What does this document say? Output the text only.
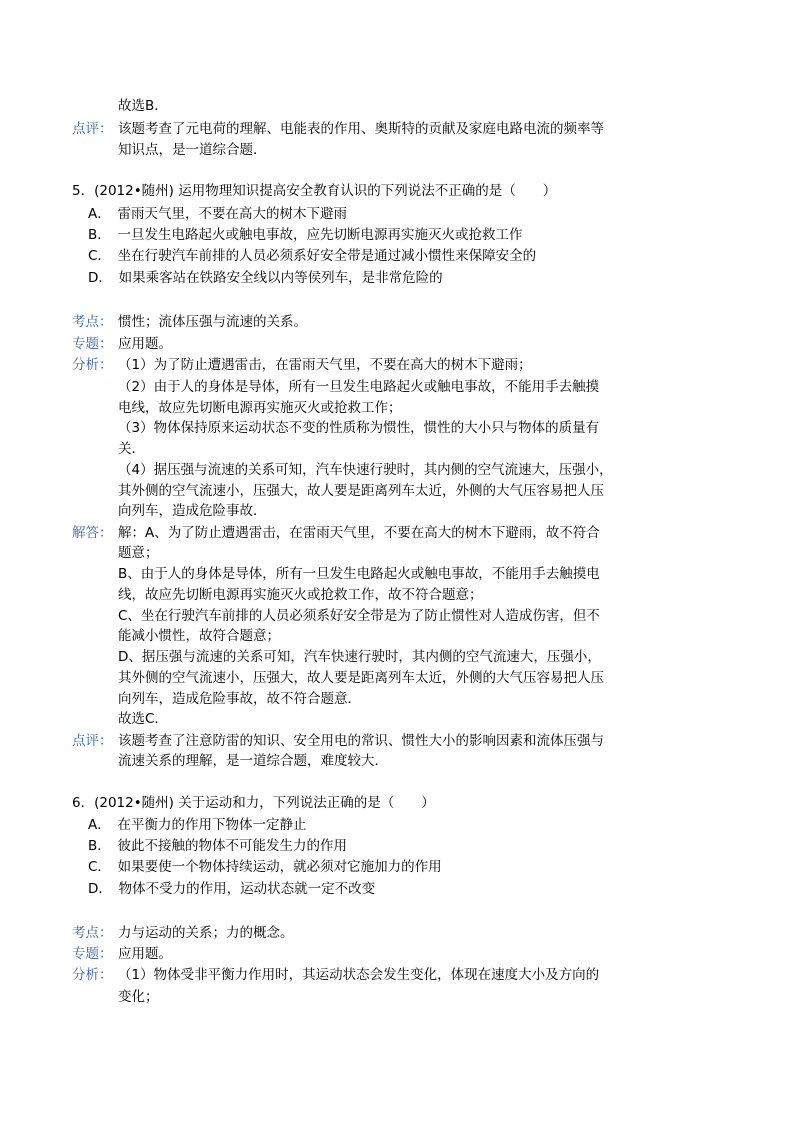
故选B．
点评： 该题考查了元电荷的理解、电能表的作用、奥斯特的贡献及家庭电路电流的频率等
知识点，是一道综合题．
5．(2012•随州) 运用物理知识提高安全教育认识的下列说法不正确的是（　　）
A．　雷雨天气里，不要在高大的树木下避雨
B．　一旦发生电路起火或触电事故，应先切断电源再实施灭火或抢救工作
C．　坐在行驶汽车前排的人员必须系好安全带是通过减小惯性来保障安全的
D．　如果乘客站在铁路安全线以内等侯列车，是非常危险的
考点： 惯性；流体压强与流速的关系。
专题： 应用题。
分析： （1）为了防止遭遇雷击，在雷雨天气里，不要在高大的树木下避雨；
（2）由于人的身体是导体，所有一旦发生电路起火或触电事故，不能用手去触摸
电线，故应先切断电源再实施灭火或抢救工作；
（3）物体保持原来运动状态不变的性质称为惯性，惯性的大小只与物体的质量有
关．
（4）据压强与流速的关系可知，汽车快速行驶时，其内侧的空气流速大，压强小，
其外侧的空气流速小，压强大，故人要是距离列车太近，外侧的大气压容易把人压
向列车，造成危险事故．
解答： 解：A、为了防止遭遇雷击，在雷雨天气里，不要在高大的树木下避雨，故不符合
题意；
B、由于人的身体是导体，所有一旦发生电路起火或触电事故，不能用手去触摸电
线，故应先切断电源再实施灭火或抢救工作，故不符合题意；
C、坐在行驶汽车前排的人员必须系好安全带是为了防止惯性对人造成伤害，但不
能减小惯性，故符合题意；
D、据压强与流速的关系可知，汽车快速行驶时，其内侧的空气流速大，压强小，
其外侧的空气流速小，压强大，故人要是距离列车太近，外侧的大气压容易把人压
向列车，造成危险事故，故不符合题意．
故选C．
点评： 该题考查了注意防雷的知识、安全用电的常识、惯性大小的影响因素和流体压强与
流速关系的理解，是一道综合题，难度较大．
6．(2012•随州) 关于运动和力，下列说法正确的是（　　）
A．　在平衡力的作用下物体一定静止
B．　彼此不接触的物体不可能发生力的作用
C．　如果要使一个物体持续运动，就必须对它施加力的作用
D．　物体不受力的作用，运动状态就一定不改变
考点： 力与运动的关系；力的概念。
专题： 应用题。
分析： （1）物体受非平衡力作用时，其运动状态会发生变化，体现在速度大小及方向的
变化；
